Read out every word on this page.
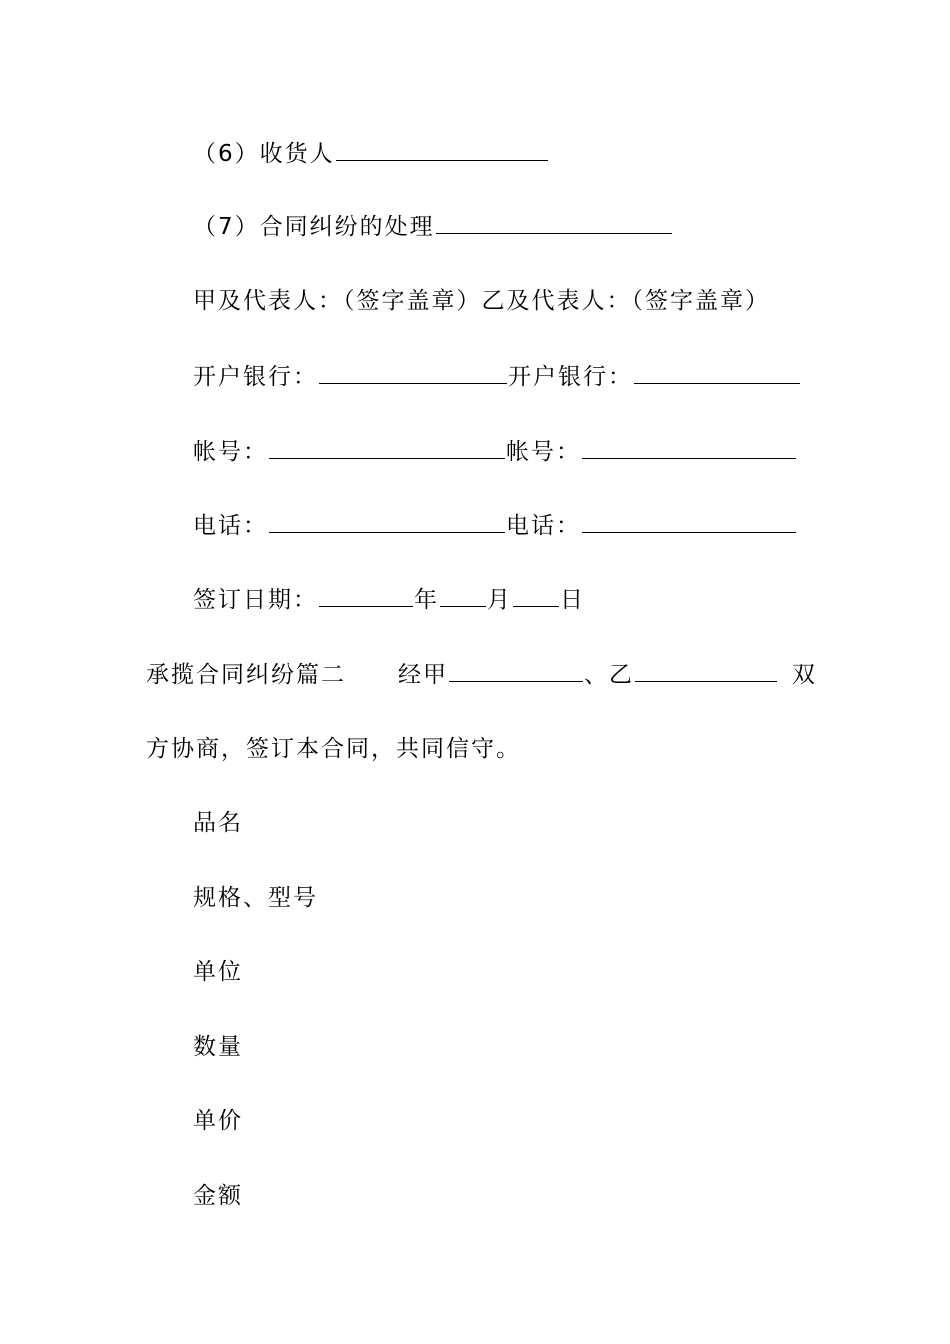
（6）收货人
（7）合同纠纷的处理
甲及代表人：（签字盖章）乙及代表人：（签字盖章）
开户银行：	开户银行：
帐号：	帐号：
电话：	电话：
签订日期：	年 月 日
承揽合同纠纷篇二 经甲	、乙	双
方协商，签订本合同，共同信守。
品名
规格、型号
单位
数量
单价
金额
